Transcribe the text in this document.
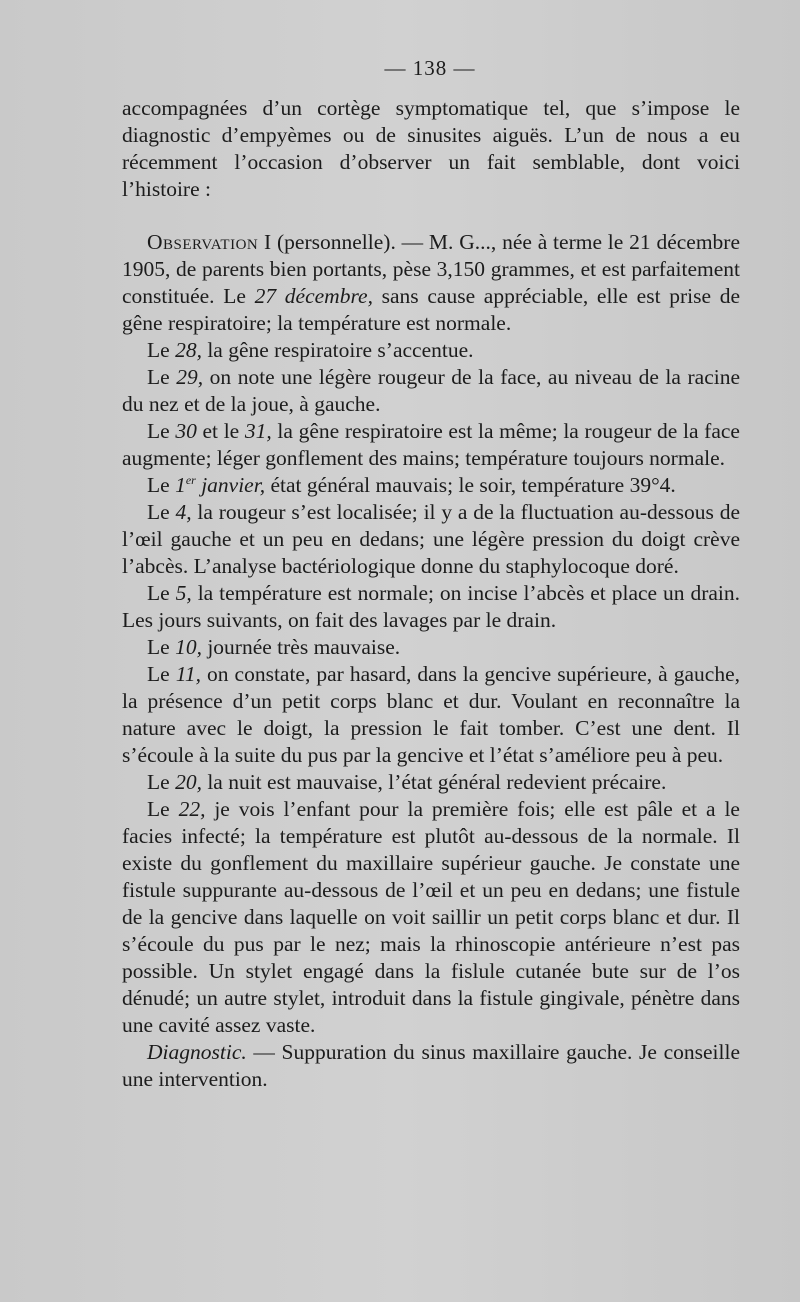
— 138 —

accompagnées d’un cortège symptomatique tel, que s’impose le diagnostic d’empyèmes ou de sinusites aiguës. L’un de nous a eu récemment l’occasion d’observer un fait semblable, dont voici l’histoire :

Observation I (personnelle). — M. G..., née à terme le 21 décembre 1905, de parents bien portants, pèse 3,150 grammes, et est parfaitement constituée. Le 27 décembre, sans cause appréciable, elle est prise de gêne respiratoire; la température est normale.

Le 28, la gêne respiratoire s’accentue.

Le 29, on note une légère rougeur de la face, au niveau de la racine du nez et de la joue, à gauche.

Le 30 et le 31, la gêne respiratoire est la même; la rougeur de la face augmente; léger gonflement des mains; température toujours normale.

Le 1er janvier, état général mauvais; le soir, température 39°4.

Le 4, la rougeur s’est localisée; il y a de la fluctuation au-dessous de l’œil gauche et un peu en dedans; une légère pression du doigt crève l’abcès. L’analyse bactériologique donne du staphylocoque doré.

Le 5, la température est normale; on incise l’abcès et place un drain. Les jours suivants, on fait des lavages par le drain.

Le 10, journée très mauvaise.

Le 11, on constate, par hasard, dans la gencive supérieure, à gauche, la présence d’un petit corps blanc et dur. Voulant en reconnaître la nature avec le doigt, la pression le fait tomber. C’est une dent. Il s’écoule à la suite du pus par la gencive et l’état s’améliore peu à peu.

Le 20, la nuit est mauvaise, l’état général redevient précaire.

Le 22, je vois l’enfant pour la première fois; elle est pâle et a le facies infecté; la température est plutôt au-dessous de la normale. Il existe du gonflement du maxillaire supérieur gauche. Je constate une fistule suppurante au-dessous de l’œil et un peu en dedans; une fistule de la gencive dans laquelle on voit saillir un petit corps blanc et dur. Il s’écoule du pus par le nez; mais la rhinoscopie antérieure n’est pas possible. Un stylet engagé dans la fislule cutanée bute sur de l’os dénudé; un autre stylet, introduit dans la fistule gingivale, pénètre dans une cavité assez vaste.

Diagnostic. — Suppuration du sinus maxillaire gauche. Je conseille une intervention.
